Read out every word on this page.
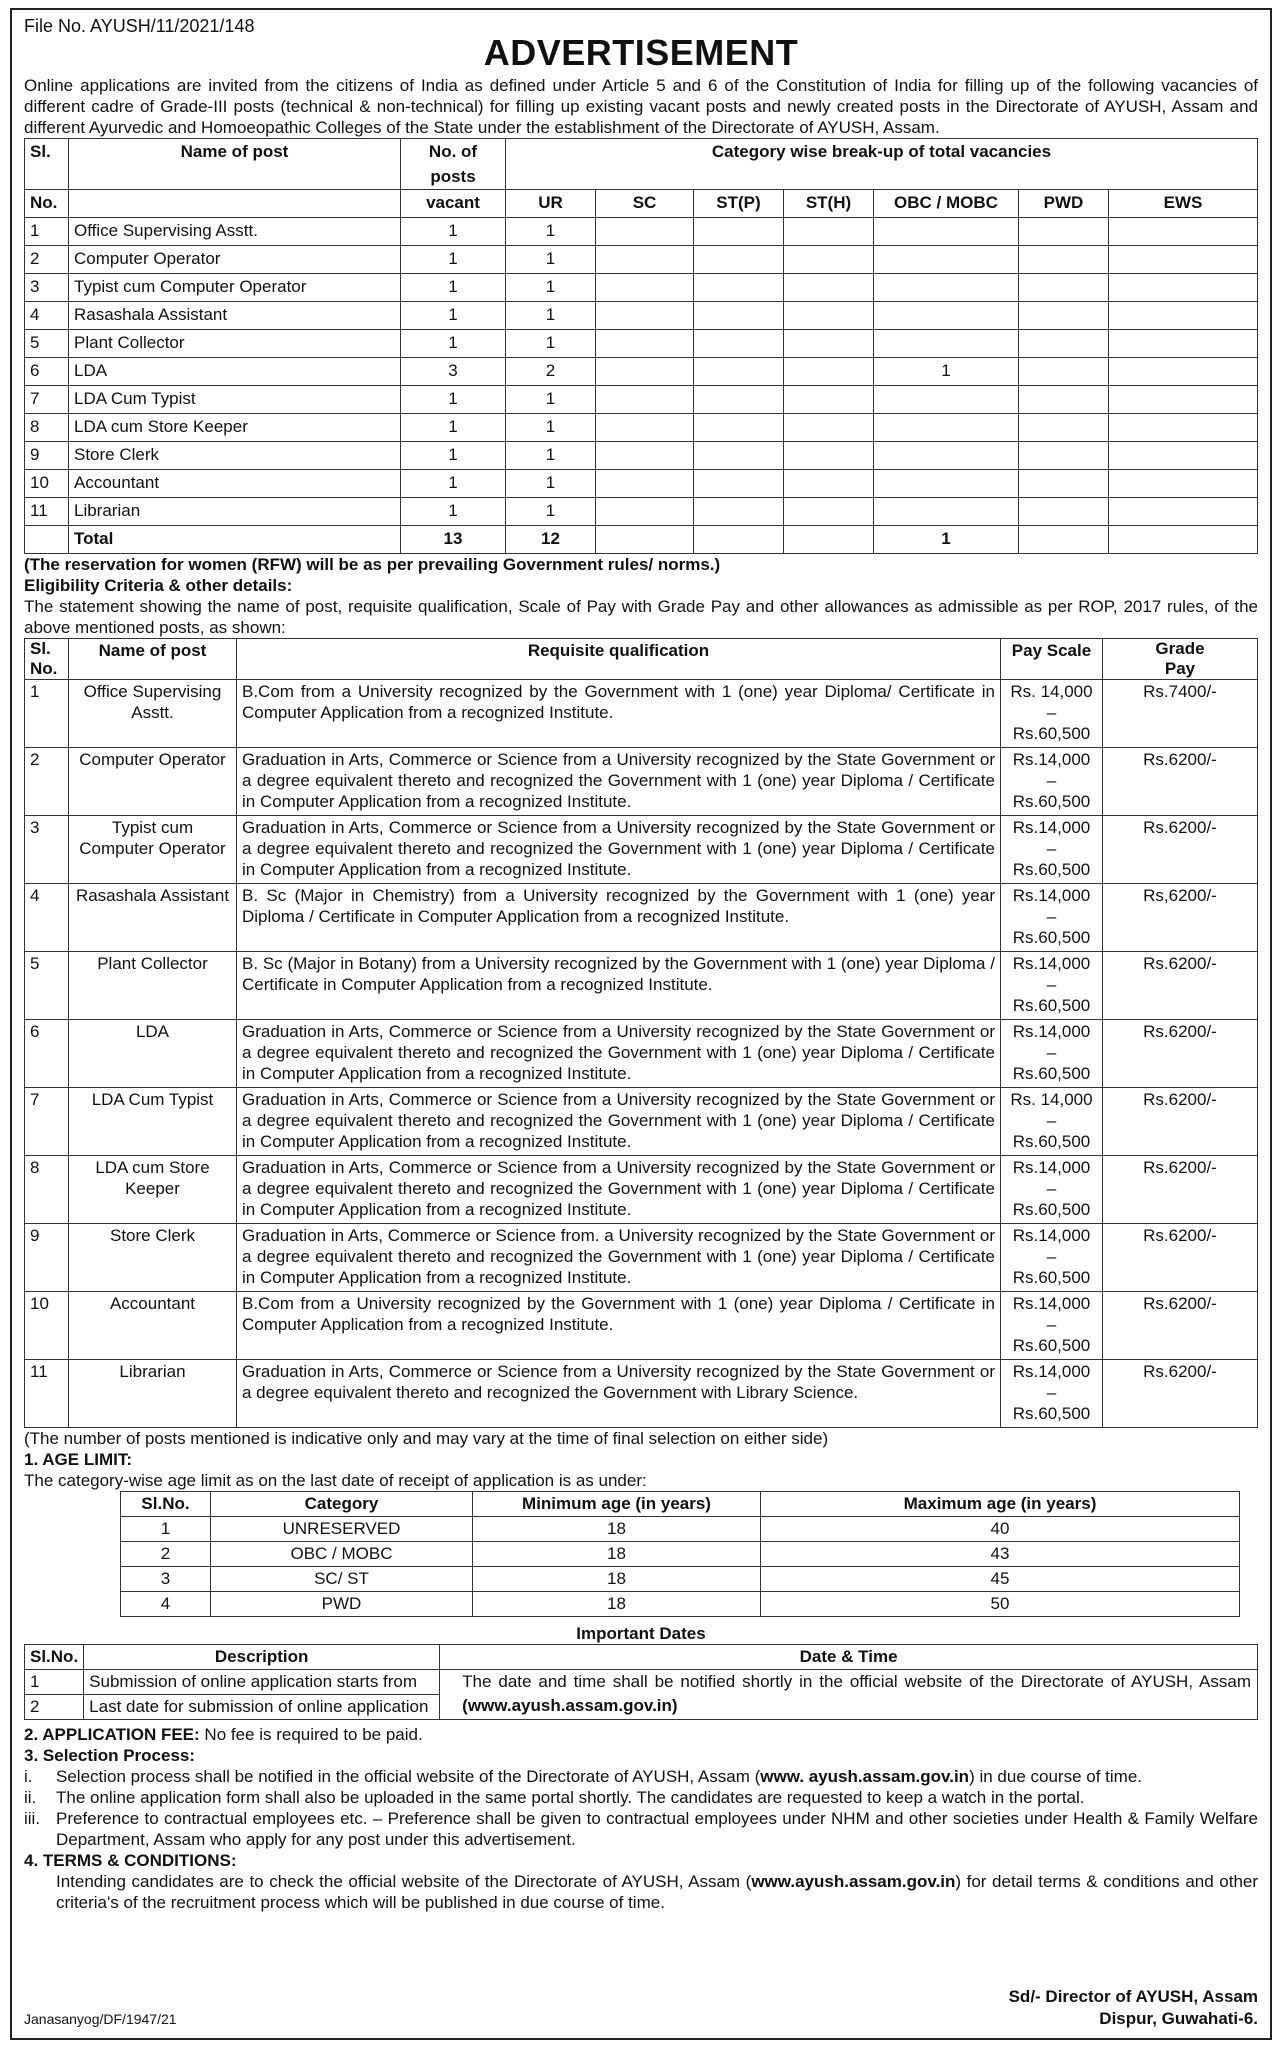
File No. AYUSH/11/2021/148
ADVERTISEMENT

Online applications are invited from the citizens of India as defined under Article 5 and 6 of the Constitution of India for filling up of the following vacancies of different cadre of Grade-III posts (technical & non-technical) for filling up existing vacant posts and newly created posts in the Directorate of AYUSH, Assam and different Ayurvedic and Homoeopathic Colleges of the State under the establishment of the Directorate of AYUSH, Assam.

Sl.	Name of post	No. of posts	Category wise break-up of total vacancies						
No.		vacant	UR	SC	ST(P)	ST(H)	OBC / MOBC	PWD	EWS
1	Office Supervising Asstt.	1	1						
2	Computer Operator	1	1						
3	Typist cum Computer Operator	1	1						
4	Rasashala Assistant	1	1						
5	Plant Collector	1	1						
6	LDA	3	2				1		
7	LDA Cum Typist	1	1						
8	LDA cum Store Keeper	1	1						
9	Store Clerk	1	1						
10	Accountant	1	1						
11	Librarian	1	1						
	Total	13	12				1		

(The reservation for women (RFW) will be as per prevailing Government rules/ norms.)

Eligibility Criteria & other details:

The statement showing the name of post, requisite qualification, Scale of Pay with Grade Pay and other allowances as admissible as per ROP, 2017 rules, of the above mentioned posts, as shown:

Sl.
No.	Name of post	Requisite qualification	Pay Scale	Grade
Pay
1	Office Supervising Asstt.	B.Com from a University recognized by the Government with 1 (one) year Diploma/ Certificate in Computer Application from a recognized Institute.	Rs. 14,000 –
Rs.60,500	Rs.7400/-
2	Computer Operator	Graduation in Arts, Commerce or Science from a University recognized by the State Government or a degree equivalent thereto and recognized the Government with 1 (one) year Diploma / Certificate in Computer Application from a recognized Institute.	Rs.14,000 –
Rs.60,500	Rs.6200/-
3	Typist cum Computer Operator	Graduation in Arts, Commerce or Science from a University recognized by the State Government or a degree equivalent thereto and recognized the Government with 1 (one) year Diploma / Certificate in Computer Application from a recognized Institute.	Rs.14,000 –
Rs.60,500	Rs.6200/-
4	Rasashala Assistant	B. Sc (Major in Chemistry) from a University recognized by the Government with 1 (one) year Diploma / Certificate in Computer Application from a recognized Institute.	Rs.14,000 –
Rs.60,500	Rs,6200/-
5	Plant Collector	B. Sc (Major in Botany) from a University recognized by the Government with 1 (one) year Diploma / Certificate in Computer Application from a recognized Institute.	Rs.14,000 –
Rs.60,500	Rs.6200/-
6	LDA	Graduation in Arts, Commerce or Science from a University recognized by the State Government or a degree equivalent thereto and recognized the Government with 1 (one) year Diploma / Certificate in Computer Application from a recognized Institute.	Rs.14,000 –
Rs.60,500	Rs.6200/-
7	LDA Cum Typist	Graduation in Arts, Commerce or Science from a University recognized by the State Government or a degree equivalent thereto and recognized the Government with 1 (one) year Diploma / Certificate in Computer Application from a recognized Institute.	Rs. 14,000 –
Rs.60,500	Rs.6200/-
8	LDA cum Store Keeper	Graduation in Arts, Commerce or Science from a University recognized by the State Government or a degree equivalent thereto and recognized the Government with 1 (one) year Diploma / Certificate in Computer Application from a recognized Institute.	Rs.14,000 –
Rs.60,500	Rs.6200/-
9	Store Clerk	Graduation in Arts, Commerce or Science from. a University recognized by the State Government or a degree equivalent thereto and recognized the Government with 1 (one) year Diploma / Certificate in Computer Application from a recognized Institute.	Rs.14,000 –
Rs.60,500	Rs.6200/-
10	Accountant	B.Com from a University recognized by the Government with 1 (one) year Diploma / Certificate in Computer Application from a recognized Institute.	Rs.14,000 –
Rs.60,500	Rs.6200/-
11	Librarian	Graduation in Arts, Commerce or Science from a University recognized by the State Government or a degree equivalent thereto and recognized the Government with Library Science.	Rs.14,000 –
Rs.60,500	Rs.6200/-

(The number of posts mentioned is indicative only and may vary at the time of final selection on either side)

1. AGE LIMIT:

The category-wise age limit as on the last date of receipt of application is as under:

Sl.No.	Category	Minimum age (in years)	Maximum age (in years)
1	UNRESERVED	18	40
2	OBC / MOBC	18	43
3	SC/ ST	18	45
4	PWD	18	50

Important Dates

Sl.No.	Description	Date & Time
1	Submission of online application starts from	The date and time shall be notified shortly in the official website of the Directorate of AYUSH, Assam (www.ayush.assam.gov.in)
2	Last date for submission of online application	

2. APPLICATION FEE: No fee is required to be paid.

3. Selection Process:

i.	Selection process shall be notified in the official website of the Directorate of AYUSH, Assam (www. ayush.assam.gov.in) in due course of time.
ii.	The online application form shall also be uploaded in the same portal shortly. The candidates are requested to keep a watch in the portal.
iii. Preference to contractual employees etc. – Preference shall be given to contractual employees under NHM and other societies under Health & Family Welfare Department, Assam who apply for any post under this advertisement.

4. TERMS & CONDITIONS:

Intending candidates are to check the official website of the Directorate of AYUSH, Assam (www.ayush.assam.gov.in) for detail terms & conditions and other criteria's of the recruitment process which will be published in due course of time.

Janasanyog/DF/1947/21
Sd/- Director of AYUSH, Assam
Dispur, Guwahati-6.
